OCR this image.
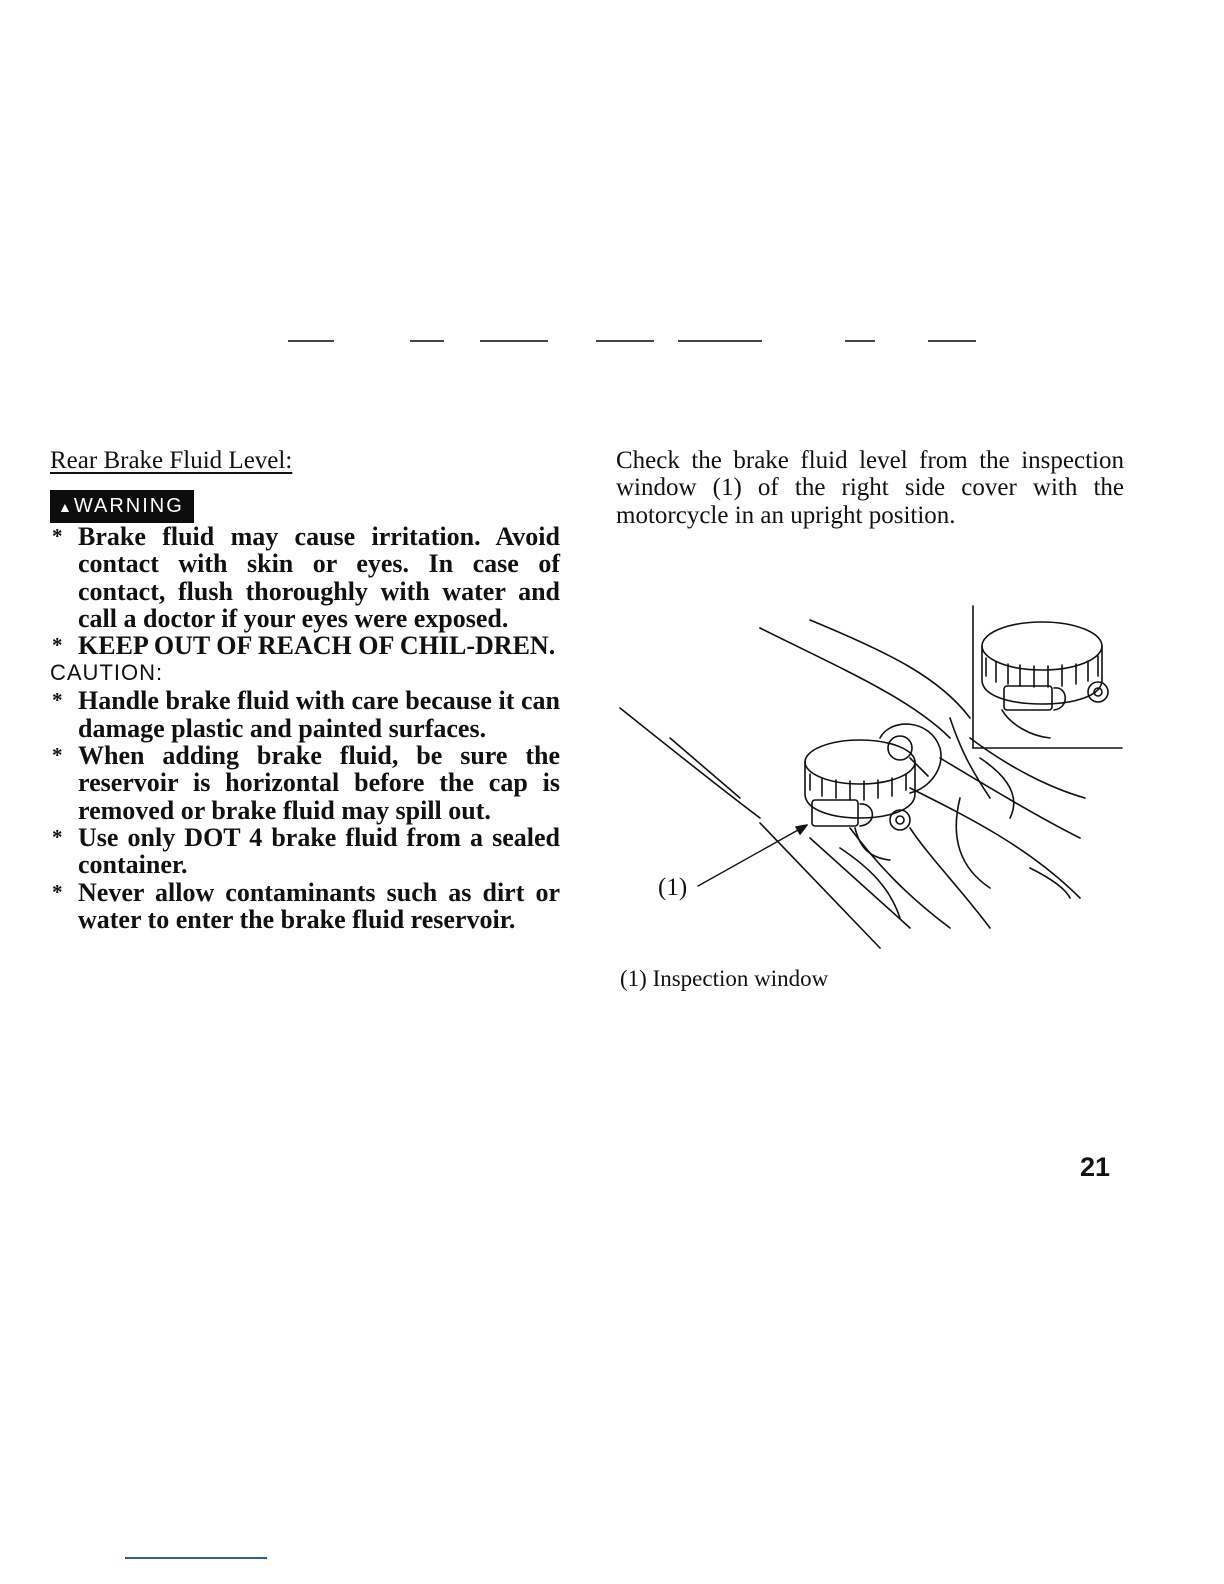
Rear Brake Fluid Level:
▲ WARNING
* Brake fluid may cause irritation. Avoid contact with skin or eyes. In case of contact, flush thoroughly with water and call a doctor if your eyes were exposed.
* KEEP OUT OF REACH OF CHIL-DREN.
CAUTION:
* Handle brake fluid with care because it can damage plastic and painted surfaces.
* When adding brake fluid, be sure the reservoir is horizontal before the cap is removed or brake fluid may spill out.
* Use only DOT 4 brake fluid from a sealed container.
* Never allow contaminants such as dirt or water to enter the brake fluid reservoir.

Check the brake fluid level from the inspection window (1) of the right side cover with the motorcycle in an upright position.

(1)
(1) Inspection window
21
